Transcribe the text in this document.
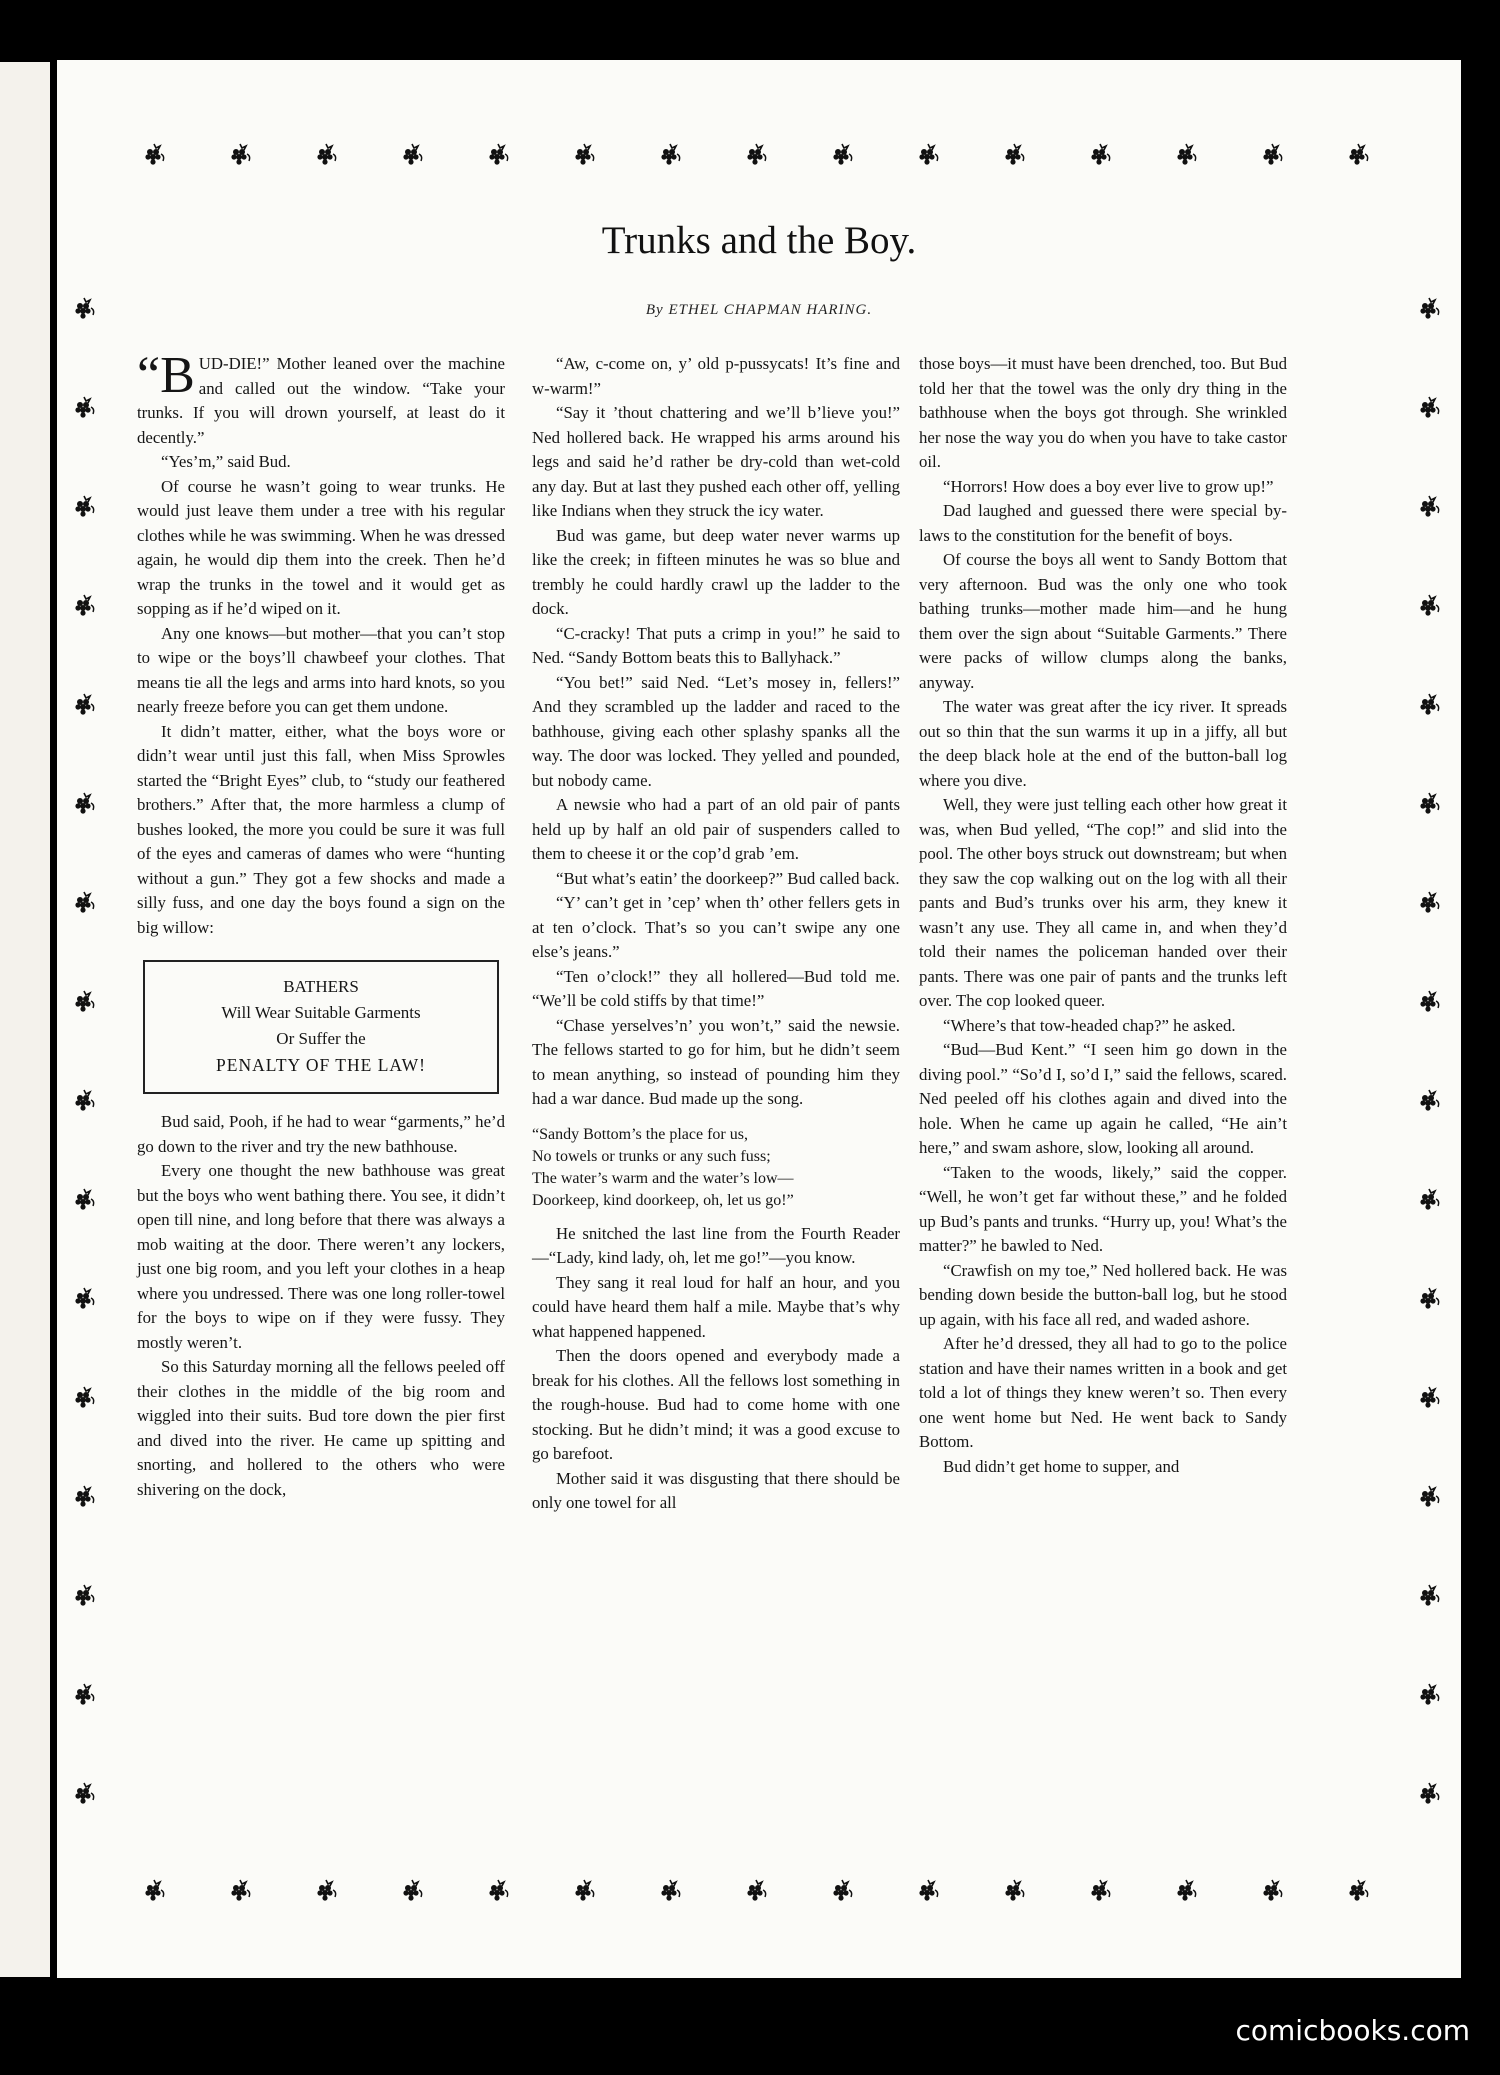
Trunks and the Boy.
By ETHEL CHAPMAN HARING.

“BUD-DIE!” Mother leaned over the machine and called out the window. “Take your trunks. If you will drown yourself, at least do it decently.”

“Yes’m,” said Bud.

Of course he wasn’t going to wear trunks. He would just leave them under a tree with his regular clothes while he was swimming. When he was dressed again, he would dip them into the creek. Then he’d wrap the trunks in the towel and it would get as sopping as if he’d wiped on it.

Any one knows—but mother—that you can’t stop to wipe or the boys’ll chawbeef your clothes. That means tie all the legs and arms into hard knots, so you nearly freeze before you can get them undone.

It didn’t matter, either, what the boys wore or didn’t wear until just this fall, when Miss Sprowles started the “Bright Eyes” club, to “study our feathered brothers.” After that, the more harmless a clump of bushes looked, the more you could be sure it was full of the eyes and cameras of dames who were “hunting without a gun.” They got a few shocks and made a silly fuss, and one day the boys found a sign on the big willow:

BATHERS
Will Wear Suitable Garments
Or Suffer the
PENALTY OF THE LAW!

Bud said, Pooh, if he had to wear “garments,” he’d go down to the river and try the new bathhouse.

Every one thought the new bathhouse was great but the boys who went bathing there. You see, it didn’t open till nine, and long before that there was always a mob waiting at the door. There weren’t any lockers, just one big room, and you left your clothes in a heap where you undressed. There was one long roller-towel for the boys to wipe on if they were fussy. They mostly weren’t.

So this Saturday morning all the fellows peeled off their clothes in the middle of the big room and wiggled into their suits. Bud tore down the pier first and dived into the river. He came up spitting and snorting, and hollered to the others who were shivering on the dock,

“Aw, c-come on, y’ old p-pussycats! It’s fine and w-warm!”

“Say it ’thout chattering and we’ll b’lieve you!” Ned hollered back. He wrapped his arms around his legs and said he’d rather be dry-cold than wet-cold any day. But at last they pushed each other off, yelling like Indians when they struck the icy water.

Bud was game, but deep water never warms up like the creek; in fifteen minutes he was so blue and trembly he could hardly crawl up the ladder to the dock.

“C-cracky! That puts a crimp in you!” he said to Ned. “Sandy Bottom beats this to Ballyhack.”

“You bet!” said Ned. “Let’s mosey in, fellers!” And they scrambled up the ladder and raced to the bathhouse, giving each other splashy spanks all the way. The door was locked. They yelled and pounded, but nobody came.

A newsie who had a part of an old pair of pants held up by half an old pair of suspenders called to them to cheese it or the cop’d grab ’em.

“But what’s eatin’ the doorkeep?” Bud called back.

“Y’ can’t get in ’cep’ when th’ other fellers gets in at ten o’clock. That’s so you can’t swipe any one else’s jeans.”

“Ten o’clock!” they all hollered—Bud told me. “We’ll be cold stiffs by that time!”

“Chase yerselves’n’ you won’t,” said the newsie. The fellows started to go for him, but he didn’t seem to mean anything, so instead of pounding him they had a war dance. Bud made up the song.

“Sandy Bottom’s the place for us,
No towels or trunks or any such fuss;
The water’s warm and the water’s low—
Doorkeep, kind doorkeep, oh, let us go!”

He snitched the last line from the Fourth Reader—“Lady, kind lady, oh, let me go!”—you know.

They sang it real loud for half an hour, and you could have heard them half a mile. Maybe that’s why what happened happened.

Then the doors opened and everybody made a break for his clothes. All the fellows lost something in the rough-house. Bud had to come home with one stocking. But he didn’t mind; it was a good excuse to go barefoot.

Mother said it was disgusting that there should be only one towel for all

those boys—it must have been drenched, too. But Bud told her that the towel was the only dry thing in the bathhouse when the boys got through. She wrinkled her nose the way you do when you have to take castor oil.

“Horrors! How does a boy ever live to grow up!”

Dad laughed and guessed there were special by-laws to the constitution for the benefit of boys.

Of course the boys all went to Sandy Bottom that very afternoon. Bud was the only one who took bathing trunks—mother made him—and he hung them over the sign about “Suitable Garments.” There were packs of willow clumps along the banks, anyway.

The water was great after the icy river. It spreads out so thin that the sun warms it up in a jiffy, all but the deep black hole at the end of the button-ball log where you dive.

Well, they were just telling each other how great it was, when Bud yelled, “The cop!” and slid into the pool. The other boys struck out downstream; but when they saw the cop walking out on the log with all their pants and Bud’s trunks over his arm, they knew it wasn’t any use. They all came in, and when they’d told their names the policeman handed over their pants. There was one pair of pants and the trunks left over. The cop looked queer.

“Where’s that tow-headed chap?” he asked.

“Bud—Bud Kent.” “I seen him go down in the diving pool.” “So’d I, so’d I,” said the fellows, scared. Ned peeled off his clothes again and dived into the hole. When he came up again he called, “He ain’t here,” and swam ashore, slow, looking all around.

“Taken to the woods, likely,” said the copper. “Well, he won’t get far without these,” and he folded up Bud’s pants and trunks. “Hurry up, you! What’s the matter?” he bawled to Ned.

“Crawfish on my toe,” Ned hollered back. He was bending down beside the button-ball log, but he stood up again, with his face all red, and waded ashore.

After he’d dressed, they all had to go to the police station and have their names written in a book and get told a lot of things they knew weren’t so. Then every one went home but Ned. He went back to Sandy Bottom.

Bud didn’t get home to supper, and

comicbooks.com
